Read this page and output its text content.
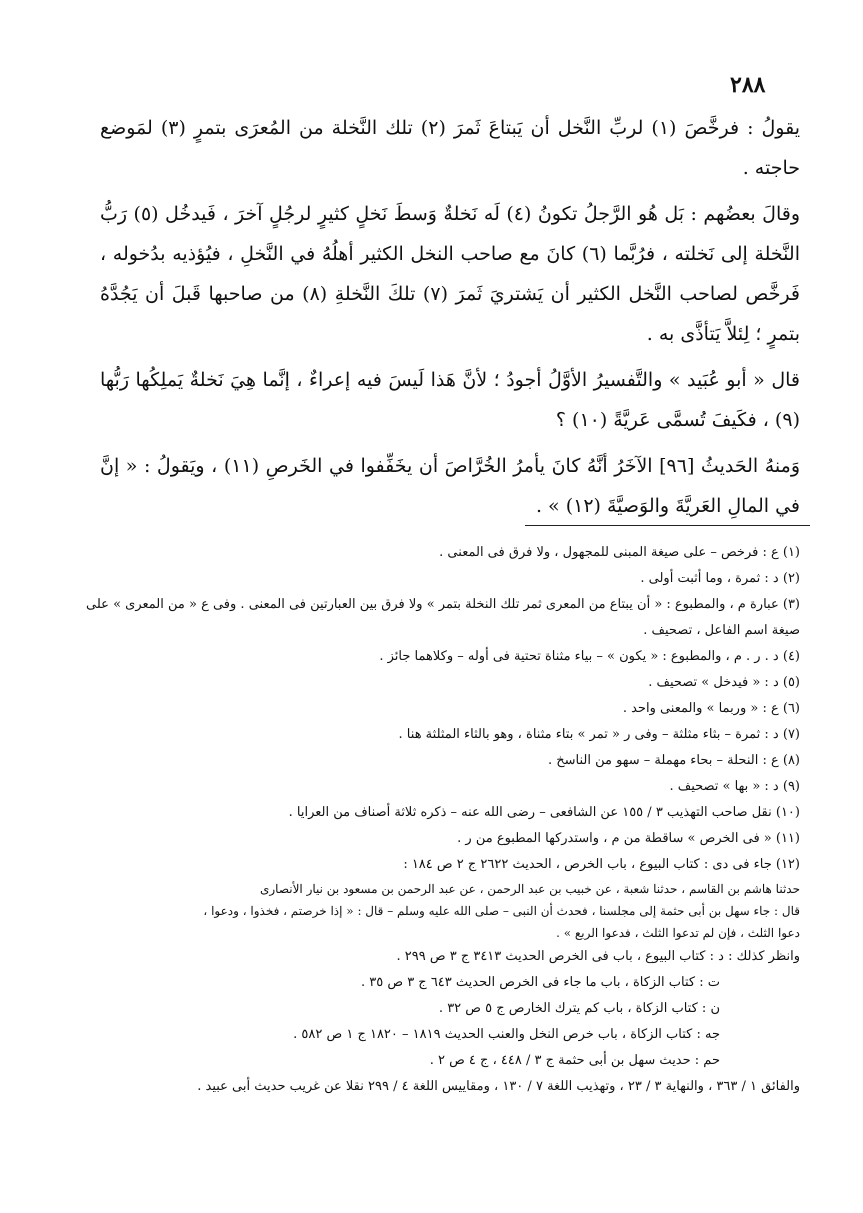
٢٨٨

يقولُ : فرخَّصَ (١) لربِّ النَّخل أن يَبتاعَ ثَمرَ (٢) تلك النَّخلة من المُعرَى بتمرٍ (٣) لمَوضع حاجته .

وقالَ بعضُهم : بَل هُو الرَّجلُ تكونُ (٤) لَه نَخلةٌ وَسطَ نَخلٍ كثيرٍ لرجُلٍ آخرَ ، فَيدخُل (٥) رَبُّ النَّخلة إلى نَخلته ، فرُبَّما (٦) كانَ مع صاحب النخل الكثير أهلُهُ في النَّخلِ ، فيُؤذيه بدُخوله ، فَرخَّص لصاحب النَّخل الكثير أن يَشتريَ ثَمرَ (٧) تلكَ النَّخلةِ (٨) من صاحبها قَبلَ أن يَجُدَّهُ بتمرٍ ؛ لِئلاَّ يَتأذَّى به .

قال « أبو عُبَيد » والتَّفسيرُ الأوَّلُ أجودُ ؛ لأنَّ هَذا لَيسَ فيه إعراءٌ ، إنَّما هِيَ نَخلةٌ يَملِكُها رَبُّها (٩) ، فكَيفَ تُسمَّى عَريَّةً (١٠) ؟

وَمنهُ الحَديثُ [٩٦] الآخَرُ أنَّهُ كانَ يأمرُ الخُرَّاصَ أن يخَفِّفوا في الخَرصِ (١١) ، ويَقولُ : « إنَّ في المالِ العَريَّةَ والوَصيَّةَ (١٢) » .

(١) ع : فرخص – على صيغة المبنى للمجهول ، ولا فرق فى المعنى .
(٢) د : ثمرة ، وما أثبت أولى .
(٣) عبارة م ، والمطبوع : « أن يبتاع من المعرى ثمر تلك النخلة بتمر » ولا فرق بين العبارتين فى المعنى . وفى ع « من المعرى » على صيغة اسم الفاعل ، تصحيف .
(٤) د . ر . م ، والمطبوع : « يكون » – بياء مثناة تحتية فى أوله – وكلاهما جائز .
(٥) د : « فيدخل » تصحيف .
(٦) ع : « وربما » والمعنى واحد .
(٧) د : ثمرة – بثاء مثلثة – وفى ر « تمر » بتاء مثناة ، وهو بالثاء المثلثة هنا .
(٨) ع : النحلة – بحاء مهملة – سهو من الناسخ .
(٩) د : « بها » تصحيف .
(١٠) نقل صاحب التهذيب ٣ / ١٥٥ عن الشافعى – رضى الله عنه – ذكره ثلاثة أصناف من العرايا .
(١١) « فى الخرص » ساقطة من م ، واستدركها المطبوع من ر .
(١٢) جاء فى دى : كتاب البيوع ، باب الخرص ، الحديث ٢٦٢٢ ج ٢ ص ١٨٤ :
حدثنا هاشم بن القاسم ، حدثنا شعبة ، عن خبيب بن عبد الرحمن ، عن عبد الرحمن بن مسعود بن نيار الأنصارى
قال : جاء سهل بن أبى حثمة إلى مجلسنا ، فحدث أن النبى – صلى الله عليه وسلم – قال : « إذا خرصتم ، فخذوا ، ودعوا ،
دعوا الثلث ، فإن لم تدعوا الثلث ، فدعوا الربع » .
وانظر كذلك : د : كتاب البيوع ، باب فى الخرص الحديث ٣٤١٣ ج ٣ ص ٢٩٩ .
ت : كتاب الزكاة ، باب ما جاء فى الخرص الحديث ٦٤٣ ج ٣ ص ٣٥ .
ن : كتاب الزكاة ، باب كم يترك الخارص ج ٥ ص ٣٢ .
جه : كتاب الزكاة ، باب خرص النخل والعنب الحديث ١٨١٩ – ١٨٢٠ ج ١ ص ٥٨٢ .
حم : حديث سهل بن أبى حثمة ج ٣ / ٤٤٨ ، ج ٤ ص ٢ .
والفائق ١ / ٣٦٣ ، والنهاية ٣ / ٢٣ ، وتهذيب اللغة ٧ / ١٣٠ ، ومقاييس اللغة ٤ / ٢٩٩ نقلا عن غريب حديث أبى عبيد .
